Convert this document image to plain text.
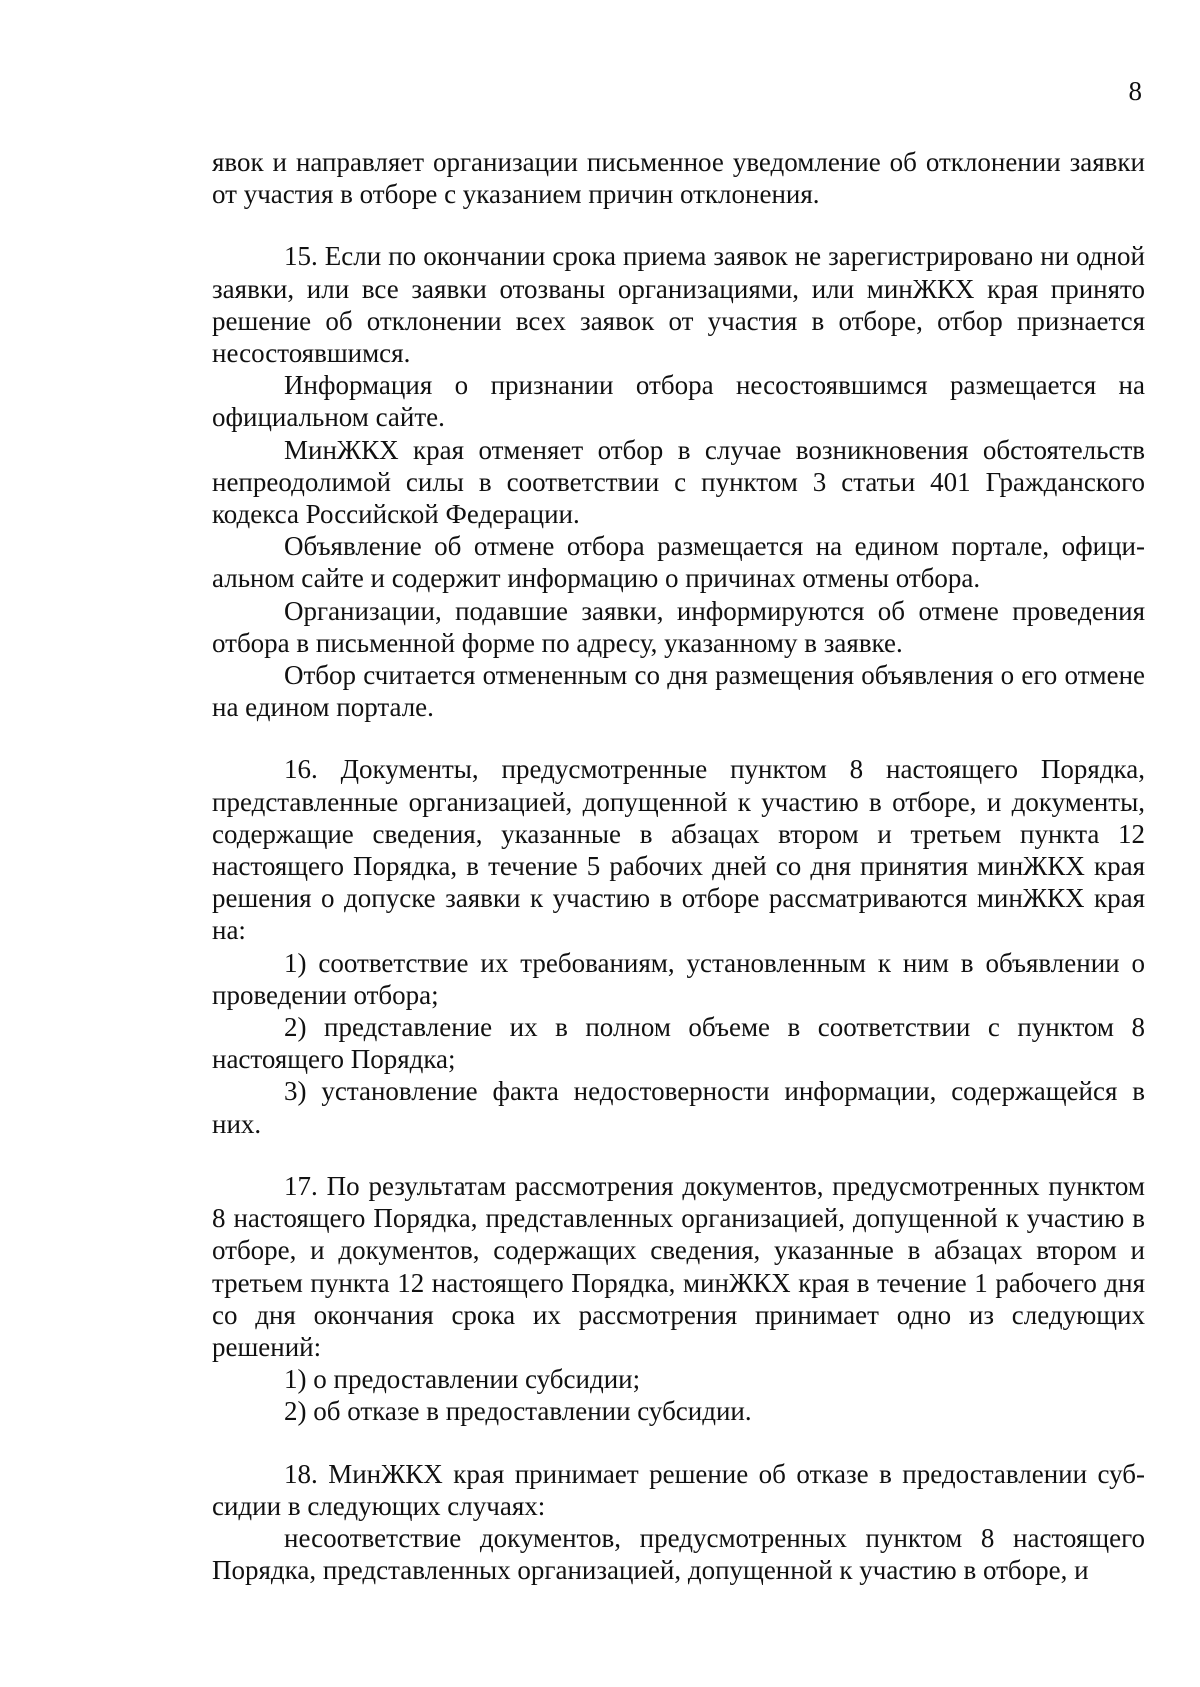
8

явок и направляет организации письменное уведомление об отклонении заявки от участия в отборе с указанием причин отклонения.

15. Если по окончании срока приема заявок не зарегистрировано ни одной заявки, или все заявки отозваны организациями, или минЖКХ края принято решение об отклонении всех заявок от участия в отборе, отбор признается несостоявшимся.

Информация о признании отбора несостоявшимся размещается на официальном сайте.

МинЖКХ края отменяет отбор в случае возникновения обстоятельств непреодолимой силы в соответствии с пунктом 3 статьи 401 Гражданского кодекса Российской Федерации.

Объявление об отмене отбора размещается на едином портале, официальном сайте и содержит информацию о причинах отмены отбора.

Организации, подавшие заявки, информируются об отмене проведения отбора в письменной форме по адресу, указанному в заявке.

Отбор считается отмененным со дня размещения объявления о его отмене на едином портале.

16. Документы, предусмотренные пунктом 8 настоящего Порядка, представленные организацией, допущенной к участию в отборе, и документы, содержащие сведения, указанные в абзацах втором и третьем пункта 12 настоящего Порядка, в течение 5 рабочих дней со дня принятия минЖКХ края решения о допуске заявки к участию в отборе рассматриваются минЖКХ края на:

1) соответствие их требованиям, установленным к ним в объявлении о проведении отбора;

2) представление их в полном объеме в соответствии с пунктом 8 настоящего Порядка;

3) установление факта недостоверности информации, содержащейся в них.

17. По результатам рассмотрения документов, предусмотренных пунктом 8 настоящего Порядка, представленных организацией, допущенной к участию в отборе, и документов, содержащих сведения, указанные в абзацах втором и третьем пункта 12 настоящего Порядка, минЖКХ края в течение 1 рабочего дня со дня окончания срока их рассмотрения принимает одно из следующих решений:

1) о предоставлении субсидии;

2) об отказе в предоставлении субсидии.

18. МинЖКХ края принимает решение об отказе в предоставлении субсидии в следующих случаях:

несоответствие документов, предусмотренных пунктом 8 настоящего Порядка, представленных организацией, допущенной к участию в отборе, и
